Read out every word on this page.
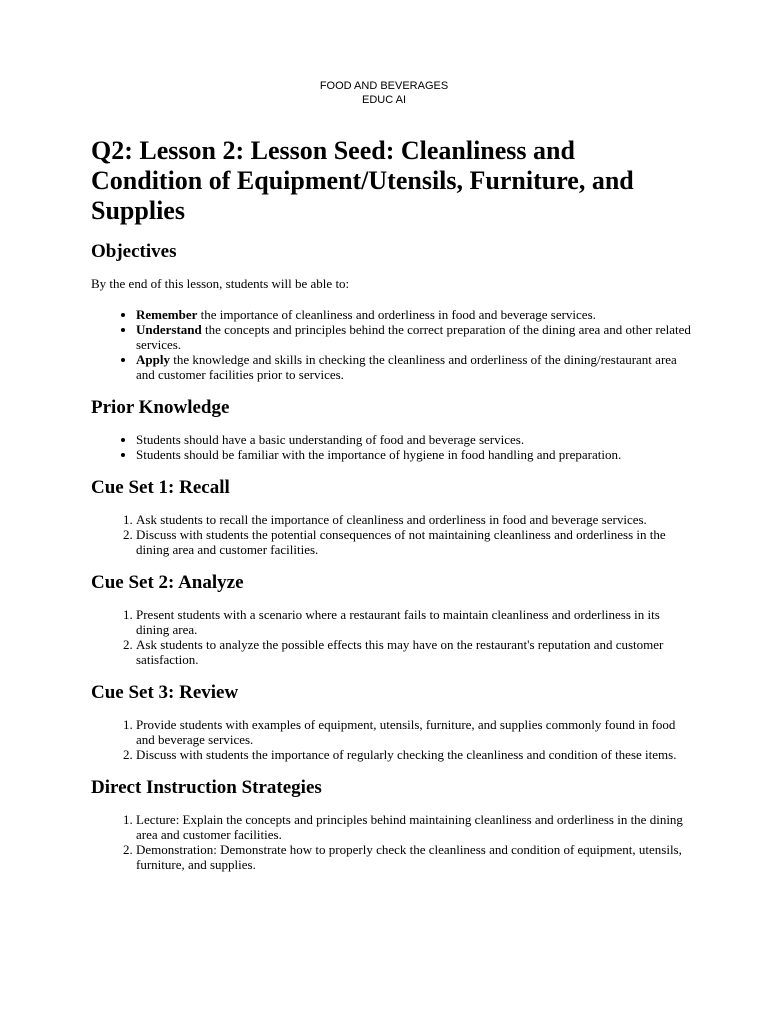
FOOD AND BEVERAGES
EDUC AI
Q2: Lesson 2: Lesson Seed: Cleanliness and Condition of Equipment/Utensils, Furniture, and Supplies
Objectives

By the end of this lesson, students will be able to:

• Remember the importance of cleanliness and orderliness in food and beverage services.
• Understand the concepts and principles behind the correct preparation of the dining area and other related services.
• Apply the knowledge and skills in checking the cleanliness and orderliness of the dining/restaurant area and customer facilities prior to services.
Prior Knowledge
• Students should have a basic understanding of food and beverage services.
• Students should be familiar with the importance of hygiene in food handling and preparation.
Cue Set 1: Recall
1. Ask students to recall the importance of cleanliness and orderliness in food and beverage services.
2. Discuss with students the potential consequences of not maintaining cleanliness and orderliness in the dining area and customer facilities.
Cue Set 2: Analyze
1. Present students with a scenario where a restaurant fails to maintain cleanliness and orderliness in its dining area.
2. Ask students to analyze the possible effects this may have on the restaurant's reputation and customer satisfaction.
Cue Set 3: Review
1. Provide students with examples of equipment, utensils, furniture, and supplies commonly found in food and beverage services.
2. Discuss with students the importance of regularly checking the cleanliness and condition of these items.
Direct Instruction Strategies
1. Lecture: Explain the concepts and principles behind maintaining cleanliness and orderliness in the dining area and customer facilities.
2. Demonstration: Demonstrate how to properly check the cleanliness and condition of equipment, utensils, furniture, and supplies.
